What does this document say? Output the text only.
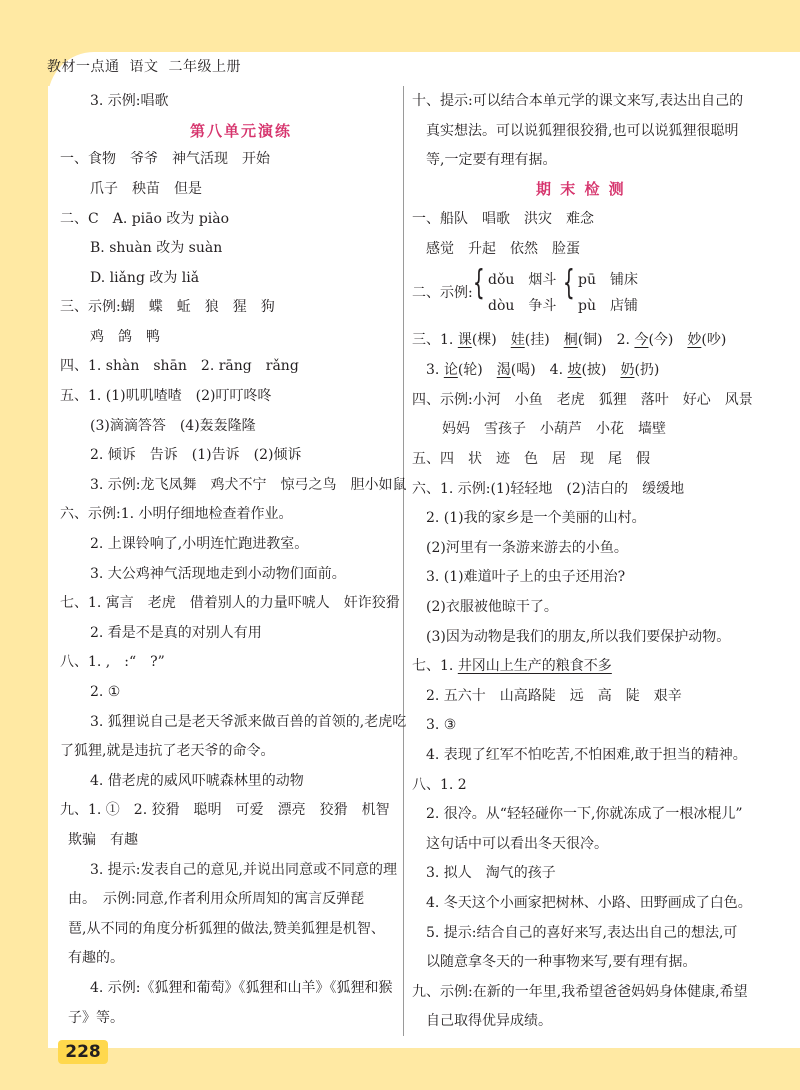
教材一点通 语文 二年级上册
3. 示例:唱歌
第八单元演练
一、食物　爷爷　神气活现　开始
爪子　秧苗　但是
二、C　A. piāo 改为 piào
B. shuàn 改为 suàn
D. liǎng 改为 liǎ
三、示例:蝴　蝶　蚯　狼　猩　狗
鸡　鸽　鸭
四、1. shàn　shān　2. rāng　rǎng
五、1. (1)叽叽喳喳　(2)叮叮咚咚
(3)滴滴答答　(4)轰轰隆隆
2. 倾诉　告诉　(1)告诉　(2)倾诉
3. 示例:龙飞凤舞　鸡犬不宁　惊弓之鸟　胆小如鼠
六、示例:1. 小明仔细地检查着作业。
2. 上课铃响了,小明连忙跑进教室。
3. 大公鸡神气活现地走到小动物们面前。
七、1. 寓言　老虎　借着别人的力量吓唬人　奸诈狡猾
2. 看是不是真的对别人有用
八、1. ,　:“　?”
2. ①
3. 狐狸说自己是老天爷派来做百兽的首领的,老虎吃
了狐狸,就是违抗了老天爷的命令。
4. 借老虎的威风吓唬森林里的动物
九、1. ①　2. 狡猾　聪明　可爱　漂亮　狡猾　机智
欺骗　有趣
3. 提示:发表自己的意见,并说出同意或不同意的理
由。　示例:同意,作者利用众所周知的寓言反弹琵
琶,从不同的角度分析狐狸的做法,赞美狐狸是机智、
有趣的。
4. 示例:《狐狸和葡萄》《狐狸和山羊》《狐狸和猴
子》等。
十、提示:可以结合本单元学的课文来写,表达出自己的
真实想法。可以说狐狸很狡猾,也可以说狐狸很聪明
等,一定要有理有据。
期 末 检 测
一、船队　唱歌　洪灾　难念
感觉　升起　依然　脸蛋
二、示例: { dǒu　烟斗
dòu　争斗
{ pū　铺床
pù　店铺
三、1. 课(棵)　 娃(挂)　 桐(铜)　2. 今(今)　 妙(吵)
3. 论(轮)　 渴(喝)　4. 坡(披)　 奶(扔)
四、示例:小河　小鱼　老虎　狐狸　落叶　好心　风景
妈妈　雪孩子　小葫芦　小花　墙壁
五、四　状　迹　色　居　现　尾　假
六、1. 示例:(1)轻轻地　(2)洁白的　缓缓地
2. (1)我的家乡是一个美丽的山村。
(2)河里有一条游来游去的小鱼。
3. (1)难道叶子上的虫子还用治?
(2)衣服被他晾干了。
(3)因为动物是我们的朋友,所以我们要保护动物。
七、1. 井冈山上生产的粮食不多
2. 五六十　山高路陡　远　高　陡　艰辛
3. ③
4. 表现了红军不怕吃苦,不怕困难,敢于担当的精神。
八、1. 2
2. 很冷。从“轻轻碰你一下,你就冻成了一根冰棍儿”
这句话中可以看出冬天很冷。
3. 拟人　淘气的孩子
4. 冬天这个小画家把树林、小路、田野画成了白色。
5. 提示:结合自己的喜好来写,表达出自己的想法,可
以随意拿冬天的一种事物来写,要有理有据。
九、示例:在新的一年里,我希望爸爸妈妈身体健康,希望
自己取得优异成绩。
228
